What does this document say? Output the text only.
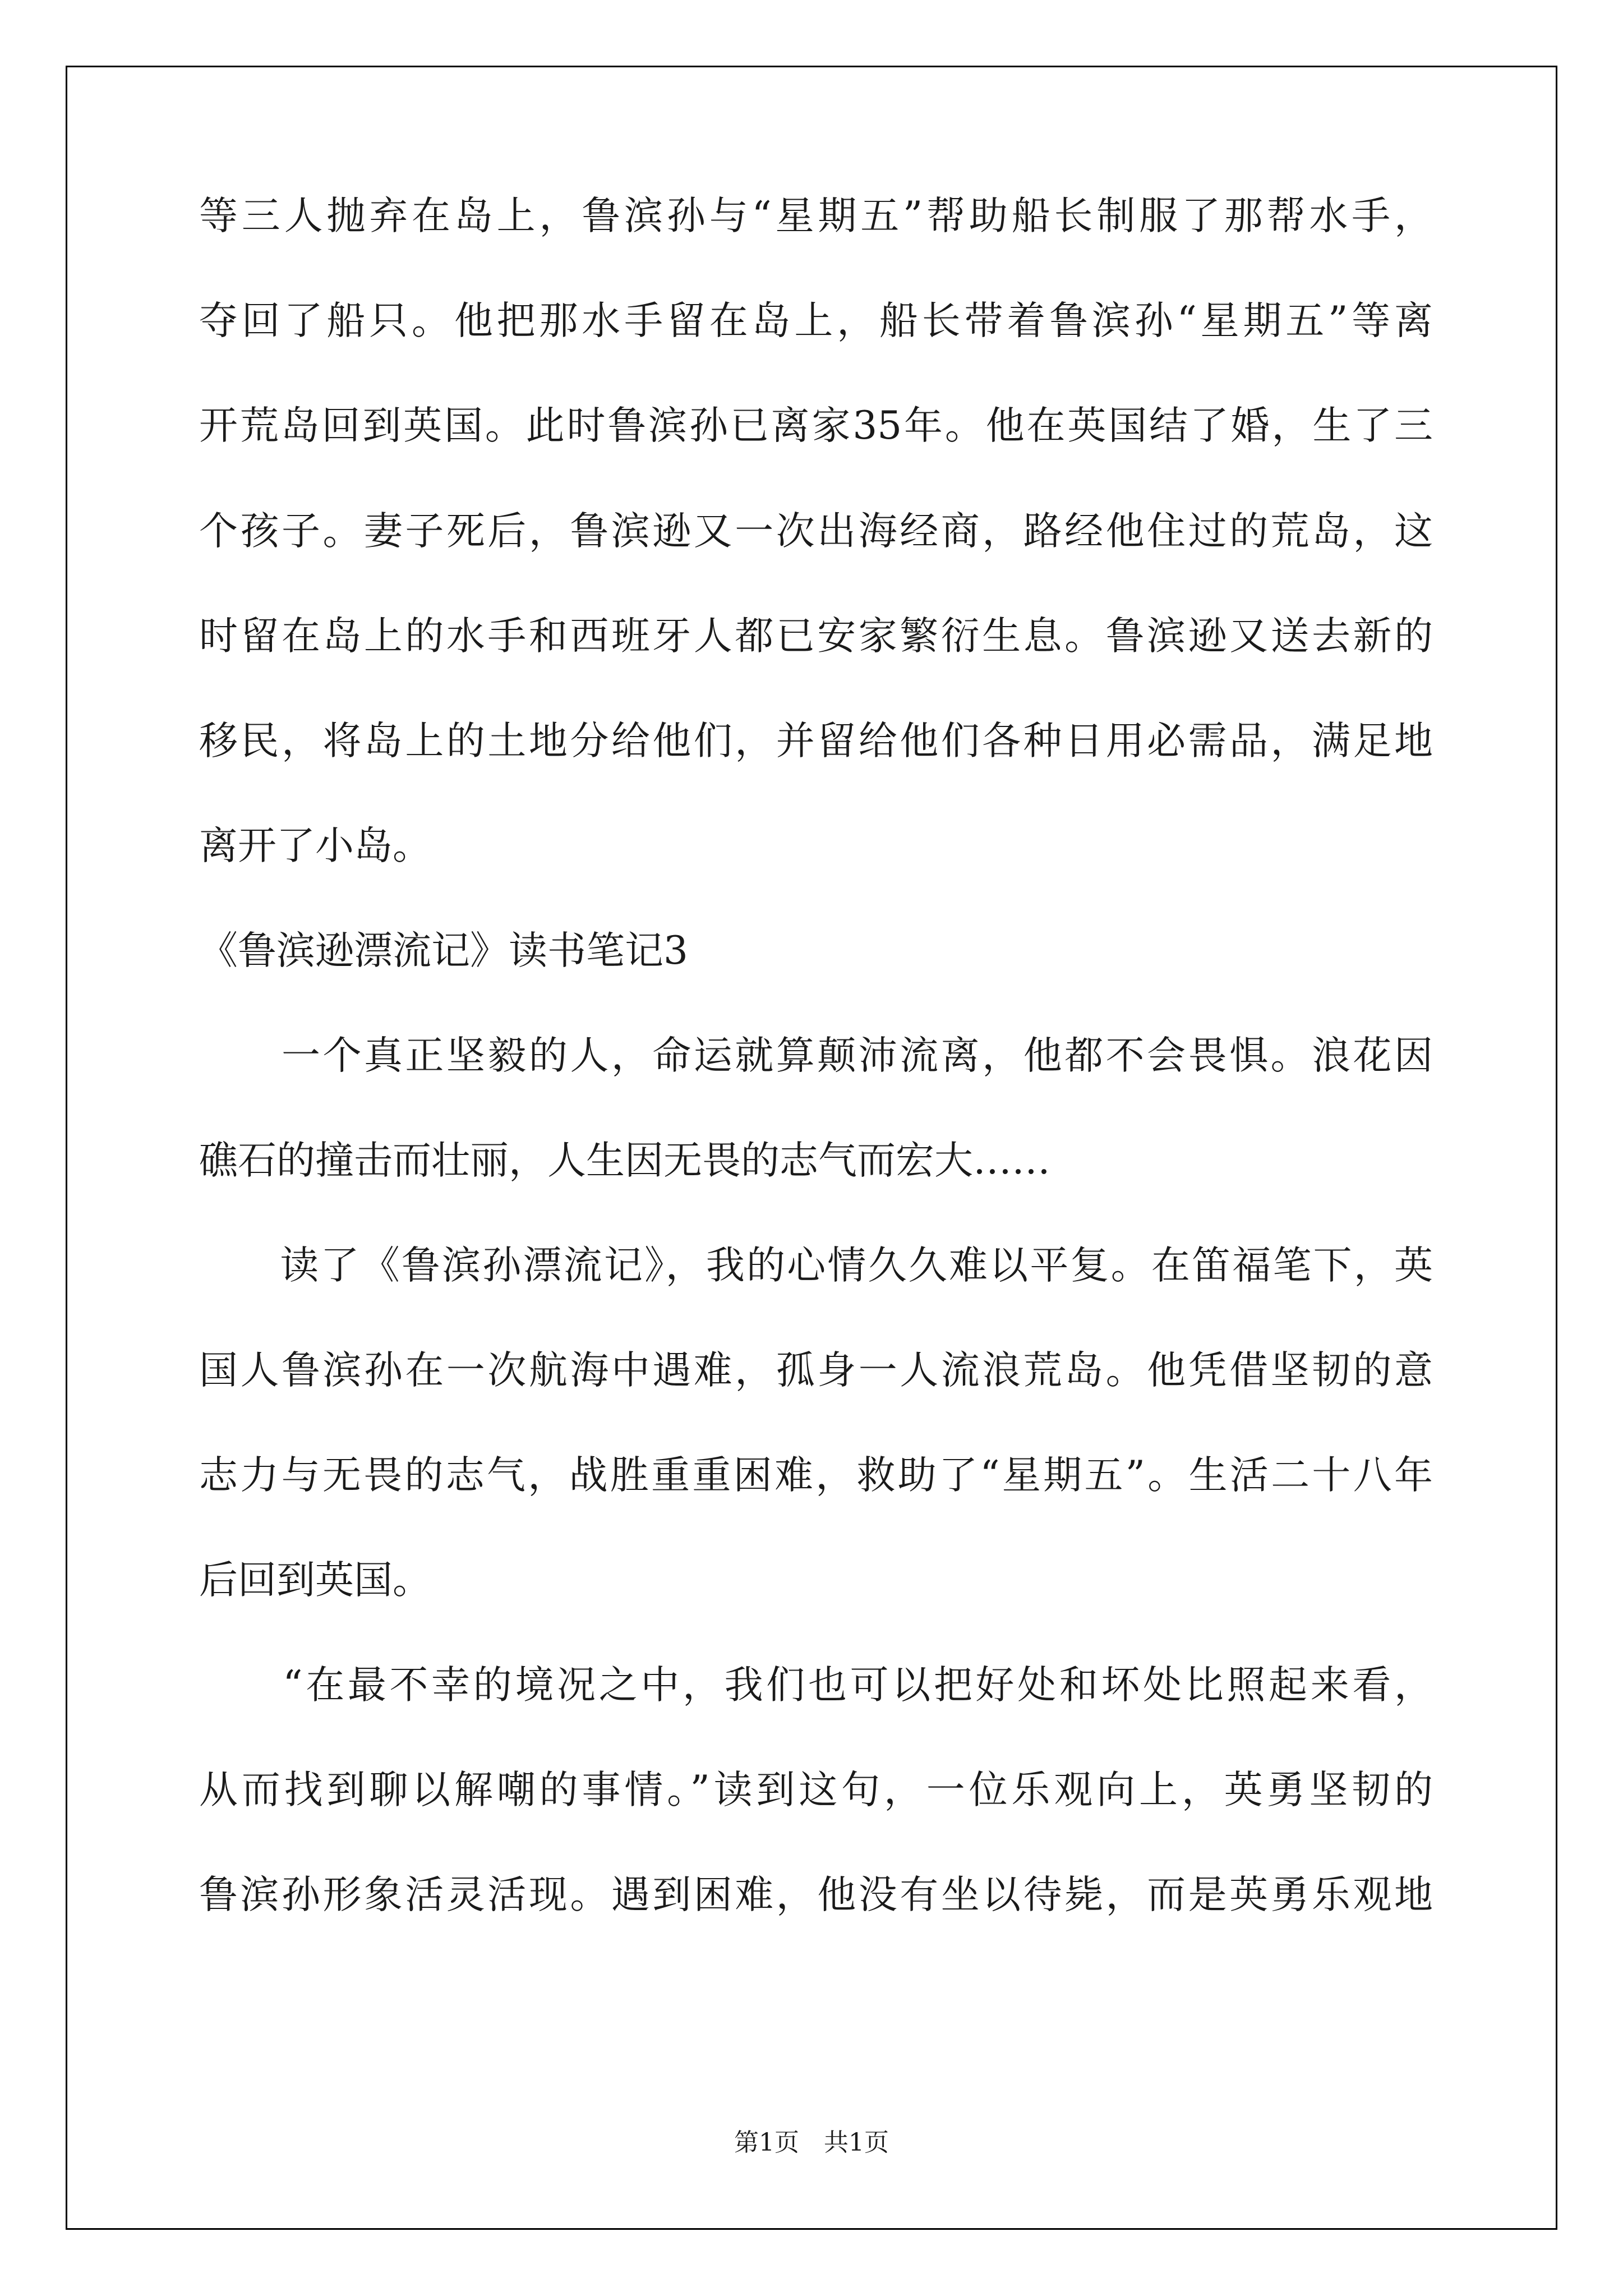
等三人抛弃在岛上，鲁滨孙与“星期五”帮助船长制服了那帮水手，
夺回了船只。他把那水手留在岛上，船长带着鲁滨孙“星期五”等离
开荒岛回到英国。此时鲁滨孙已离家35年。他在英国结了婚，生了三
个孩子。妻子死后，鲁滨逊又一次出海经商，路经他住过的荒岛，这
时留在岛上的水手和西班牙人都已安家繁衍生息。鲁滨逊又送去新的
移民，将岛上的土地分给他们，并留给他们各种日用必需品，满足地
离开了小岛。
《鲁滨逊漂流记》读书笔记3
　　一个真正坚毅的人，命运就算颠沛流离，他都不会畏惧。浪花因
礁石的撞击而壮丽，人生因无畏的志气而宏大……
　　读了《鲁滨孙漂流记》，我的心情久久难以平复。在笛福笔下，英
国人鲁滨孙在一次航海中遇难，孤身一人流浪荒岛。他凭借坚韧的意
志力与无畏的志气，战胜重重困难，救助了“星期五”。生活二十八年
后回到英国。
　　“在最不幸的境况之中，我们也可以把好处和坏处比照起来看，
从而找到聊以解嘲的事情。”读到这句，一位乐观向上，英勇坚韧的
鲁滨孙形象活灵活现。遇到困难，他没有坐以待毙，而是英勇乐观地
第1页　共1页
